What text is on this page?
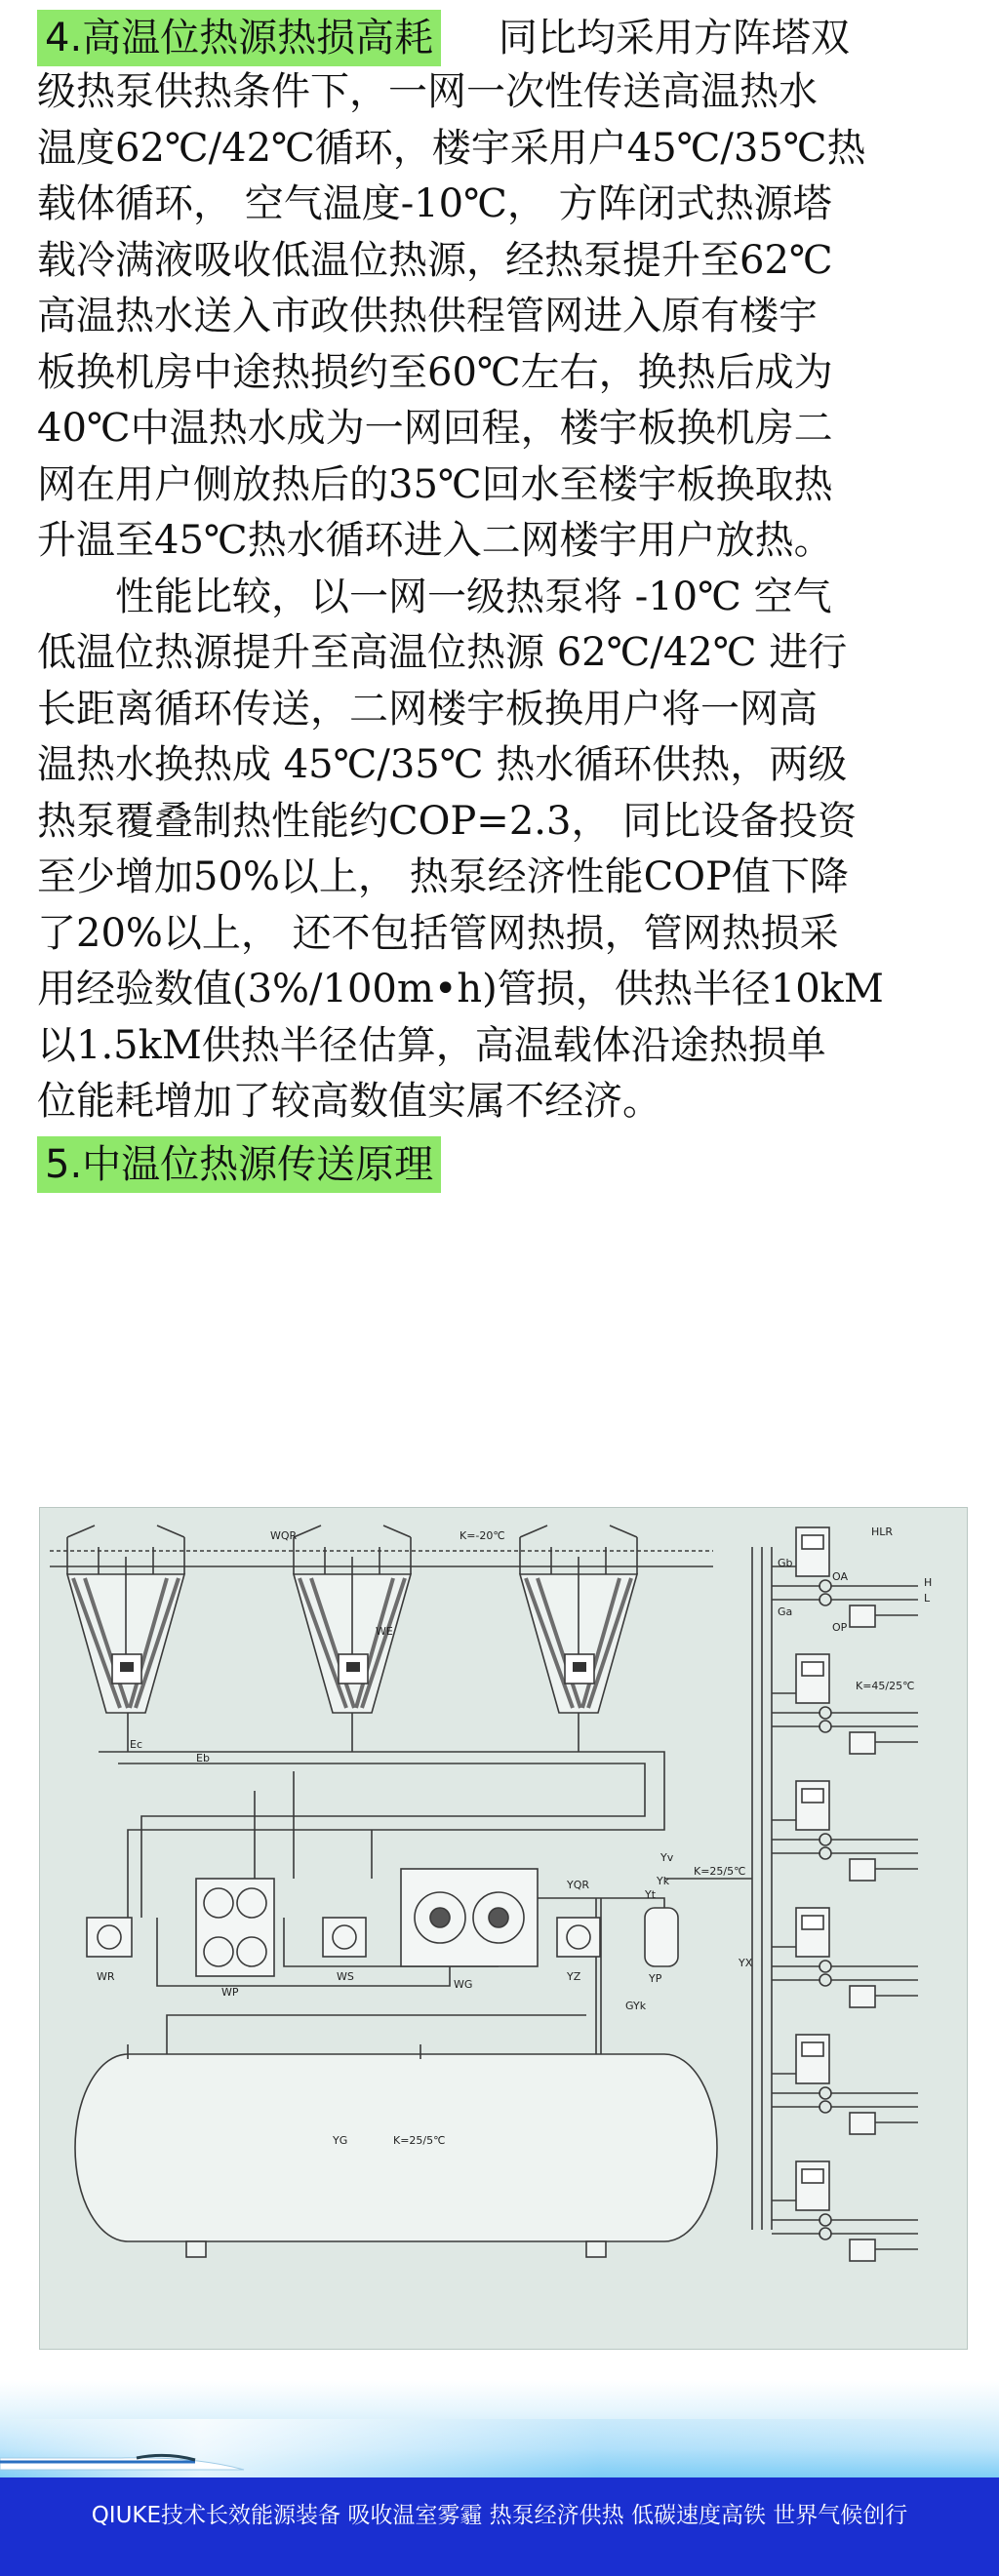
4.高温位热源热损高耗 同比均采用方阵塔双
级热泵供热条件下，一网一次性传送高温热水
温度62℃/42℃循环，楼宇采用户45℃/35℃热
载体循环， 空气温度-10℃， 方阵闭式热源塔
载冷满液吸收低温位热源，经热泵提升至62℃
高温热水送入市政供热供程管网进入原有楼宇
板换机房中途热损约至60℃左右，换热后成为
40℃中温热水成为一网回程，楼宇板换机房二
网在用户侧放热后的35℃回水至楼宇板换取热
升温至45℃热水循环进入二网楼宇用户放热。
性能比较，以一网一级热泵将 -10℃ 空气
低温位热源提升至高温位热源 62℃/42℃ 进行
长距离循环传送，二网楼宇板换用户将一网高
温热水换热成 45℃/35℃ 热水循环供热，两级
热泵覆叠制热性能约COP=2.3， 同比设备投资
至少增加50%以上， 热泵经济性能COP值下降
了20%以上， 还不包括管网热损，管网热损采
用经验数值(3%/100m•h)管损，供热半径10kM
以1.5kM供热半径估算，高温载体沿途热损单
位能耗增加了较高数值实属不经济。
5.中温位热源传送原理
WQR	K=-20℃
WE
Ec
Eb
YQR
K=25/5℃
YX
Yt
Yk
Yv
GYk
WR
WP
WS
WG
YZ	YP
YG	K=25/5℃
HLR
K=45/25℃
Gb
Ga
OA
OP
H
L
QIUKE技术长效能源装备 吸收温室雾霾 热泵经济供热 低碳速度高铁 世界气候创行
